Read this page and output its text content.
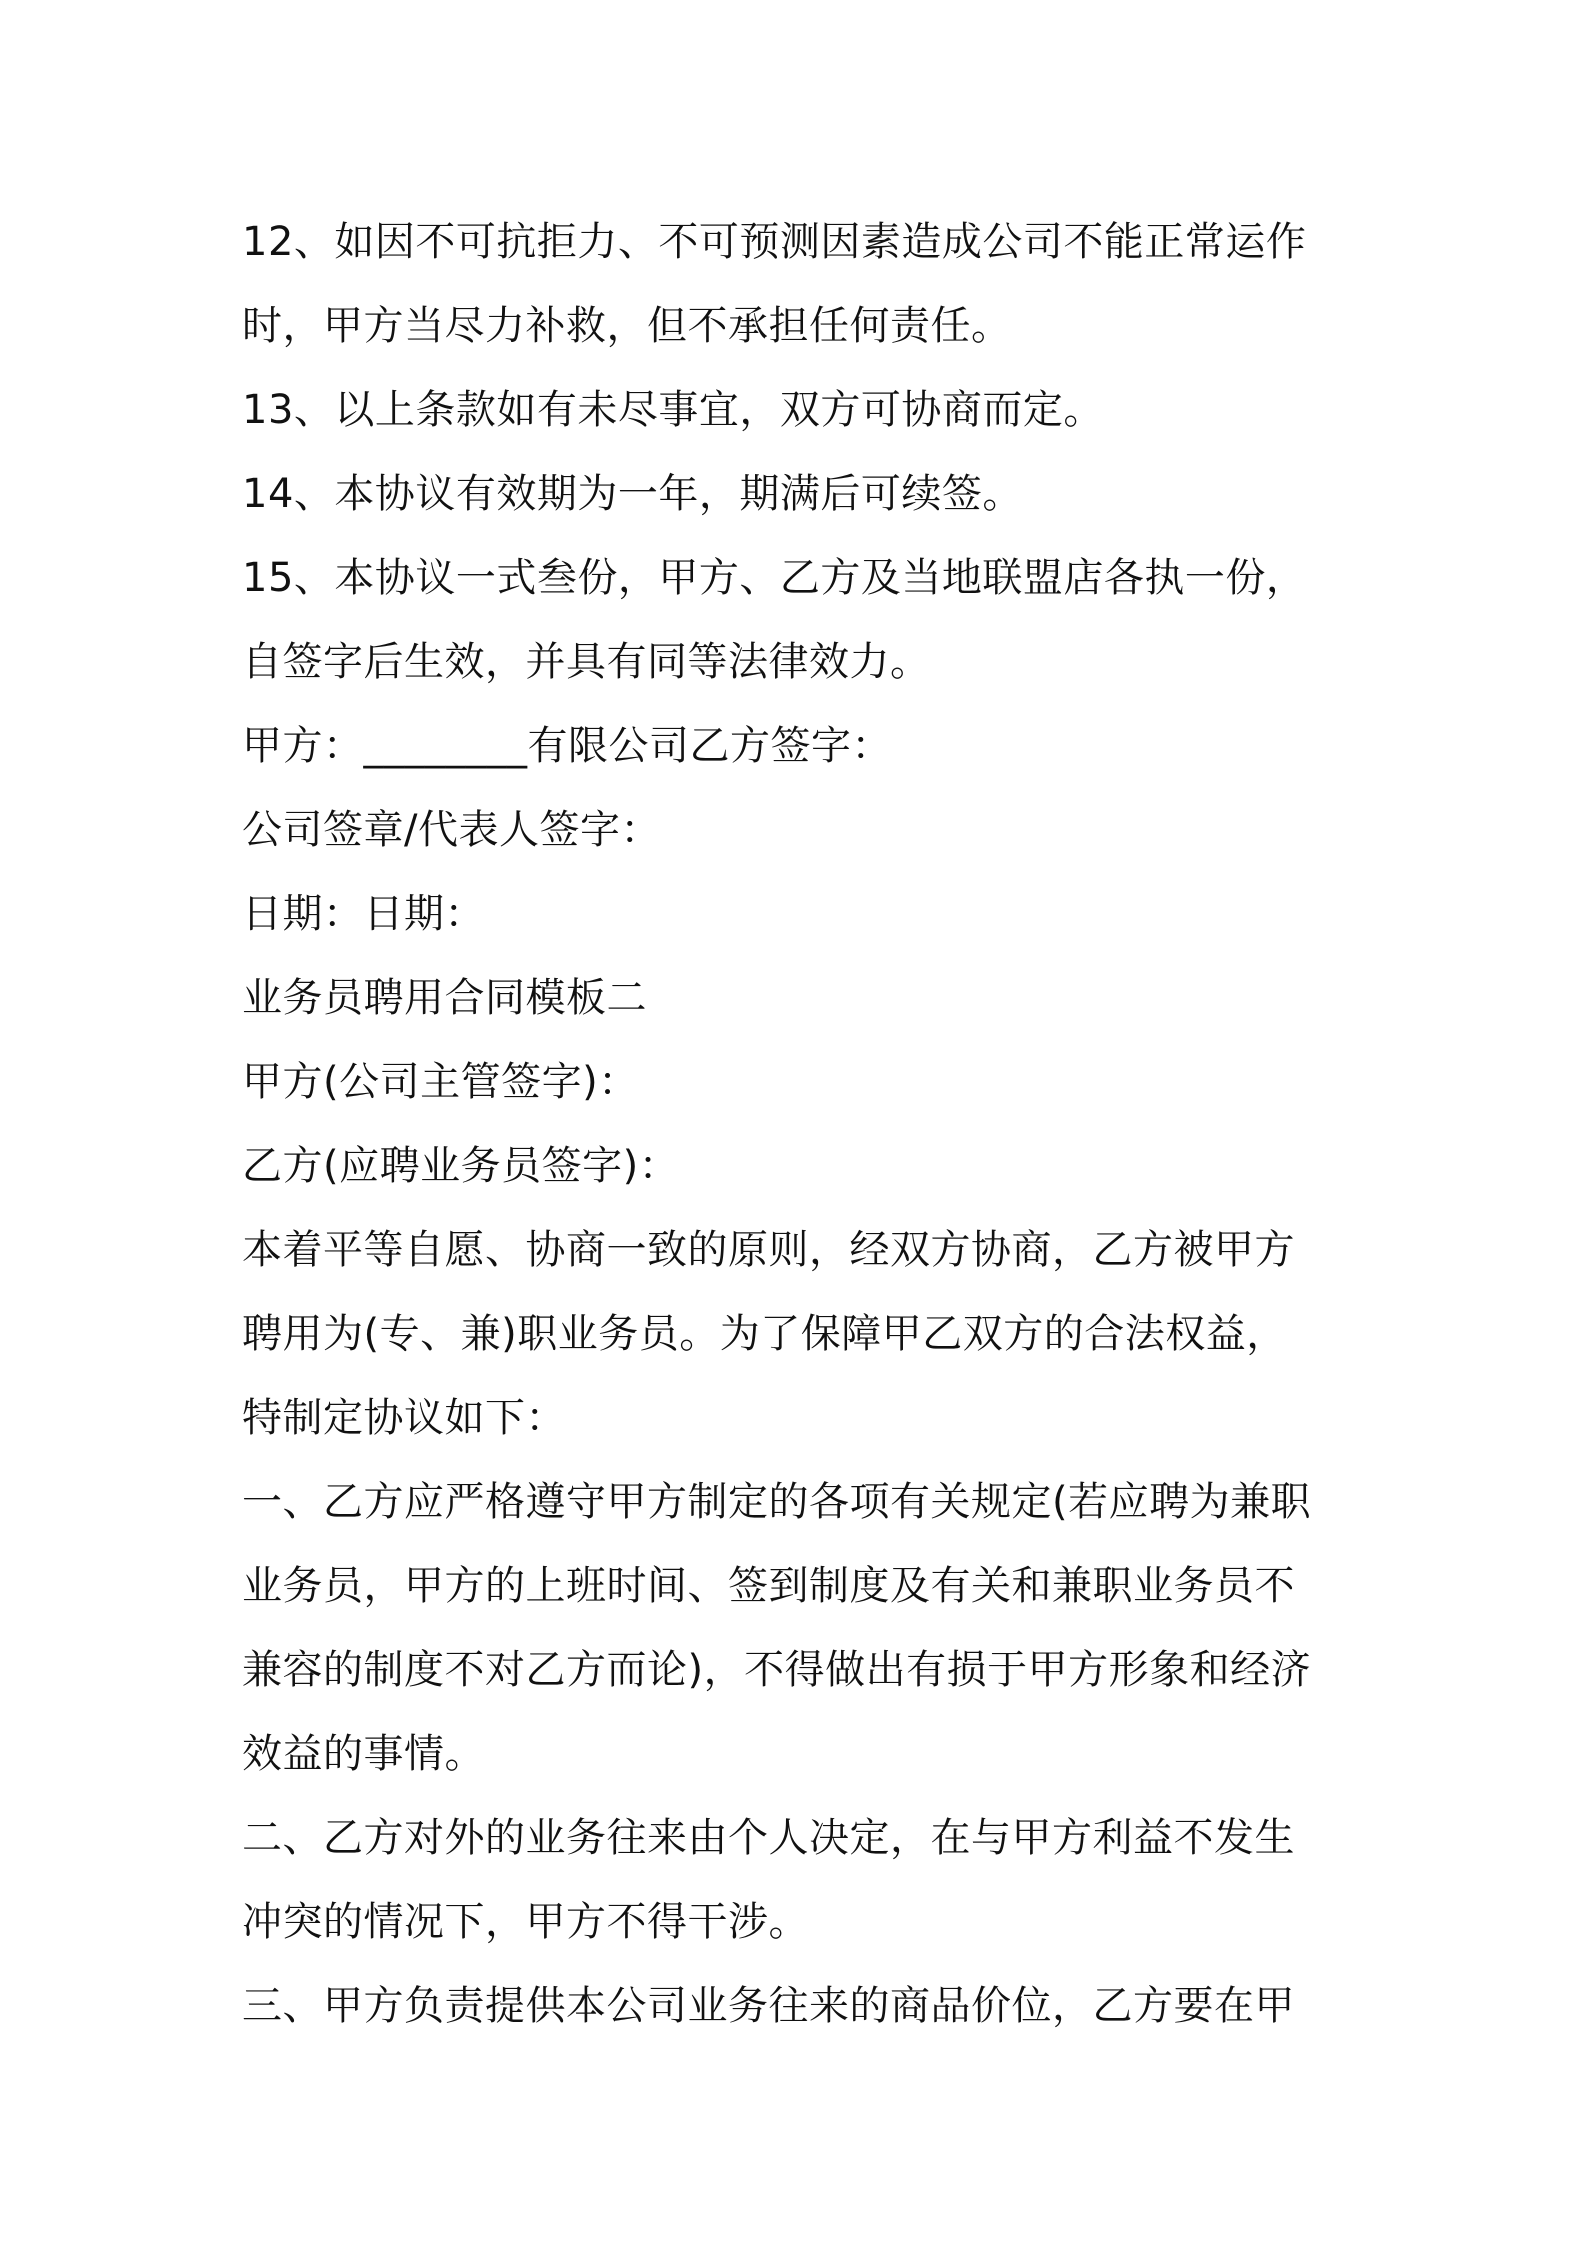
12、如因不可抗拒力、不可预测因素造成公司不能正常运作
时，甲方当尽力补救，但不承担任何责任。
13、以上条款如有未尽事宜，双方可协商而定。
14、本协议有效期为一年，期满后可续签。
15、本协议一式叁份，甲方、乙方及当地联盟店各执一份，
自签字后生效，并具有同等法律效力。
甲方：________有限公司乙方签字：
公司签章/代表人签字：
日期：日期：
业务员聘用合同模板二
甲方(公司主管签字)：
乙方(应聘业务员签字)：
本着平等自愿、协商一致的原则，经双方协商，乙方被甲方
聘用为(专、兼)职业务员。为了保障甲乙双方的合法权益，
特制定协议如下：
一、乙方应严格遵守甲方制定的各项有关规定(若应聘为兼职
业务员，甲方的上班时间、签到制度及有关和兼职业务员不
兼容的制度不对乙方而论)，不得做出有损于甲方形象和经济
效益的事情。
二、乙方对外的业务往来由个人决定，在与甲方利益不发生
冲突的情况下，甲方不得干涉。
三、甲方负责提供本公司业务往来的商品价位，乙方要在甲
